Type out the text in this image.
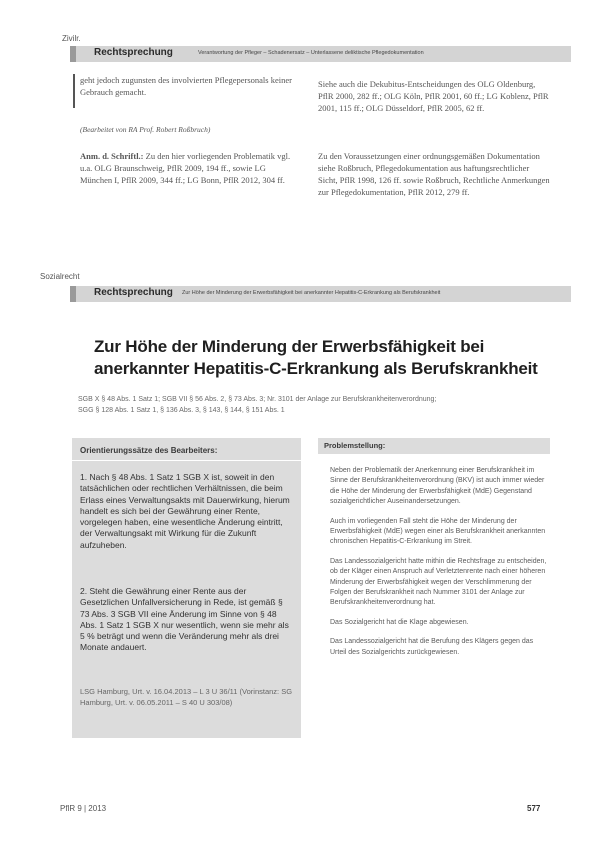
Zivilr.
Rechtsprechung	Verantwortung der Pfleger – Schadenersatz – Unterlassene deliktische Pflegedokumentation
geht jedoch zugunsten des involvierten Pflegepersonals keiner Gebrauch gemacht.
(Bearbeitet von RA Prof. Robert Roßbruch)
Anm. d. Schriftl.: Zu den hier vorliegenden Problematik vgl. u.a. OLG Braunschweig, PflR 2009, 194 ff., sowie LG München I, PflR 2009, 344 ff.; LG Bonn, PflR 2012, 304 ff.
Siehe auch die Dekubitus-Entscheidungen des OLG Oldenburg, PflR 2000, 282 ff.; OLG Köln, PflR 2001, 60 ff.; LG Koblenz, PflR 2001, 115 ff.; OLG Düsseldorf, PflR 2005, 62 ff.
Zu den Voraussetzungen einer ordnungsgemäßen Dokumentation siehe Roßbruch, Pflegedokumentation aus haftungsrechtlicher Sicht, PflR 1998, 126 ff. sowie Roßbruch, Rechtliche Anmerkungen zur Pflegedokumentation, PflR 2012, 279 ff.
Sozialrecht
Rechtsprechung Zur Höhe der Minderung der Erwerbsfähigkeit bei anerkannter Hepatitis-C-Erkrankung als Berufskrankheit
Zur Höhe der Minderung der Erwerbsfähigkeit bei
anerkannter Hepatitis-C-Erkrankung als Berufskrankheit
SGB X § 48 Abs. 1 Satz 1; SGB VII § 56 Abs. 2, § 73 Abs. 3; Nr. 3101 der Anlage zur Berufskrankheitenverordnung;
SGG § 128 Abs. 1 Satz 1, § 136 Abs. 3, § 143, § 144, § 151 Abs. 1
Orientierungssätze des Bearbeiters:
1. Nach § 48 Abs. 1 Satz 1 SGB X ist, soweit in den tatsächlichen oder rechtlichen Verhältnissen, die beim Erlass eines Verwaltungsakts mit Dauerwirkung, hierum handelt es sich bei der Gewährung einer Rente, vorgelegen haben, eine wesentliche Änderung eintritt, der Verwaltungsakt mit Wirkung für die Zukunft aufzuheben.
2. Steht die Gewährung einer Rente aus der Gesetzlichen Unfallversicherung in Rede, ist gemäß § 73 Abs. 3 SGB VII eine Änderung im Sinne von § 48 Abs. 1 Satz 1 SGB X nur wesentlich, wenn sie mehr als 5 % beträgt und wenn die Veränderung mehr als drei Monate andauert.
LSG Hamburg, Urt. v. 16.04.2013 – L 3 U 36/11 (Vorinstanz: SG Hamburg, Urt. v. 06.05.2011 – S 40 U 303/08)
Problemstellung:

Neben der Problematik der Anerkennung einer Berufskrankheit im Sinne der Berufskrankheitenverordnung (BKV) ist auch immer wieder die Höhe der Minderung der Erwerbsfähigkeit (MdE) Gegenstand sozialgerichtlicher Auseinandersetzungen.

Auch im vorliegenden Fall steht die Höhe der Minderung der Erwerbsfähigkeit (MdE) wegen einer als Berufskrankheit anerkannten chronischen Hepatitis-C-Erkrankung im Streit.

Das Landessozialgericht hatte mithin die Rechtsfrage zu entscheiden, ob der Kläger einen Anspruch auf Verletztenrente nach einer höheren Minderung der Erwerbsfähigkeit wegen der Verschlimmerung der Folgen der Berufskrankheit nach Nummer 3101 der Anlage zur Berufskrankheitenverordnung hat.

Das Sozialgericht hat die Klage abgewiesen.

Das Landessozialgericht hat die Berufung des Klägers gegen das Urteil des Sozialgerichts zurückgewiesen.

PflR 9 | 2013	577
